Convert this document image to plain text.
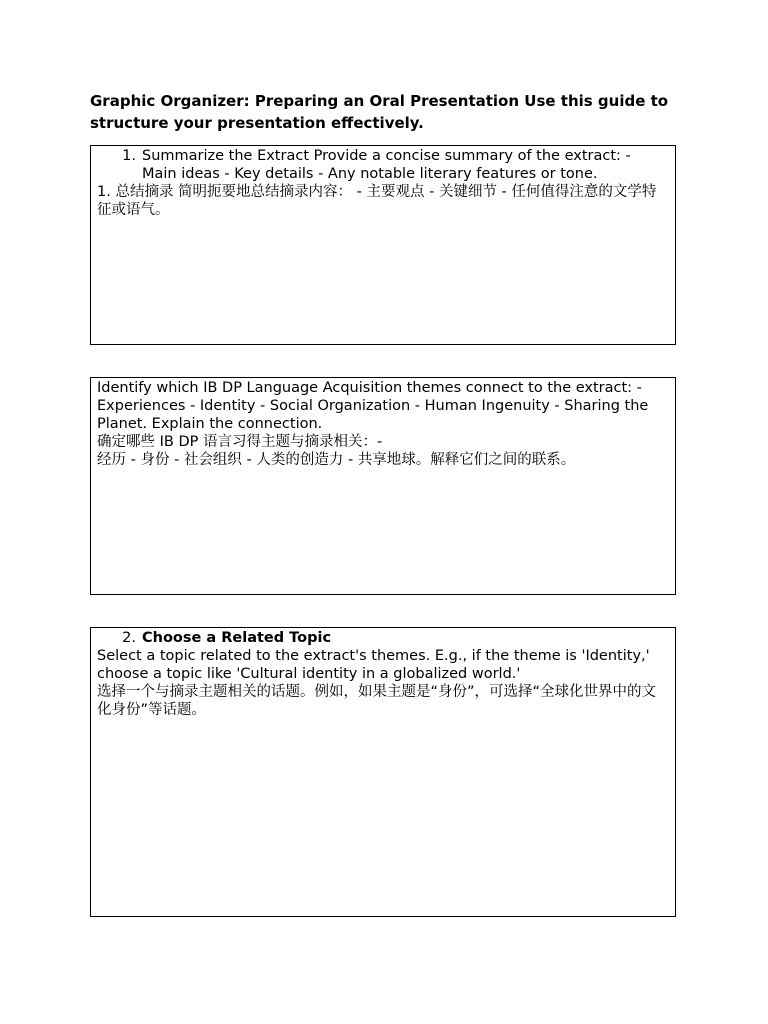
Graphic Organizer: Preparing an Oral Presentation Use this guide to structure your presentation effectively.
1. Summarize the Extract Provide a concise summary of the extract: - Main ideas - Key details - Any notable literary features or tone.

1. 总结摘录 简明扼要地总结摘录内容： - 主要观点 - 关键细节 - 任何值得注意的文学特征或语气。

Identify which IB DP Language Acquisition themes connect to the extract: - Experiences - Identity - Social Organization - Human Ingenuity - Sharing the Planet. Explain the connection.

确定哪些 IB DP 语言习得主题与摘录相关：-

经历 - 身份 - 社会组织 - 人类的创造力 - 共享地球。解释它们之间的联系。

2. Choose a Related Topic

Select a topic related to the extract's themes. E.g., if the theme is 'Identity,' choose a topic like 'Cultural identity in a globalized world.'

选择一个与摘录主题相关的话题。例如，如果主题是“身份”，可选择“全球化世界中的文化身份”等话题。
